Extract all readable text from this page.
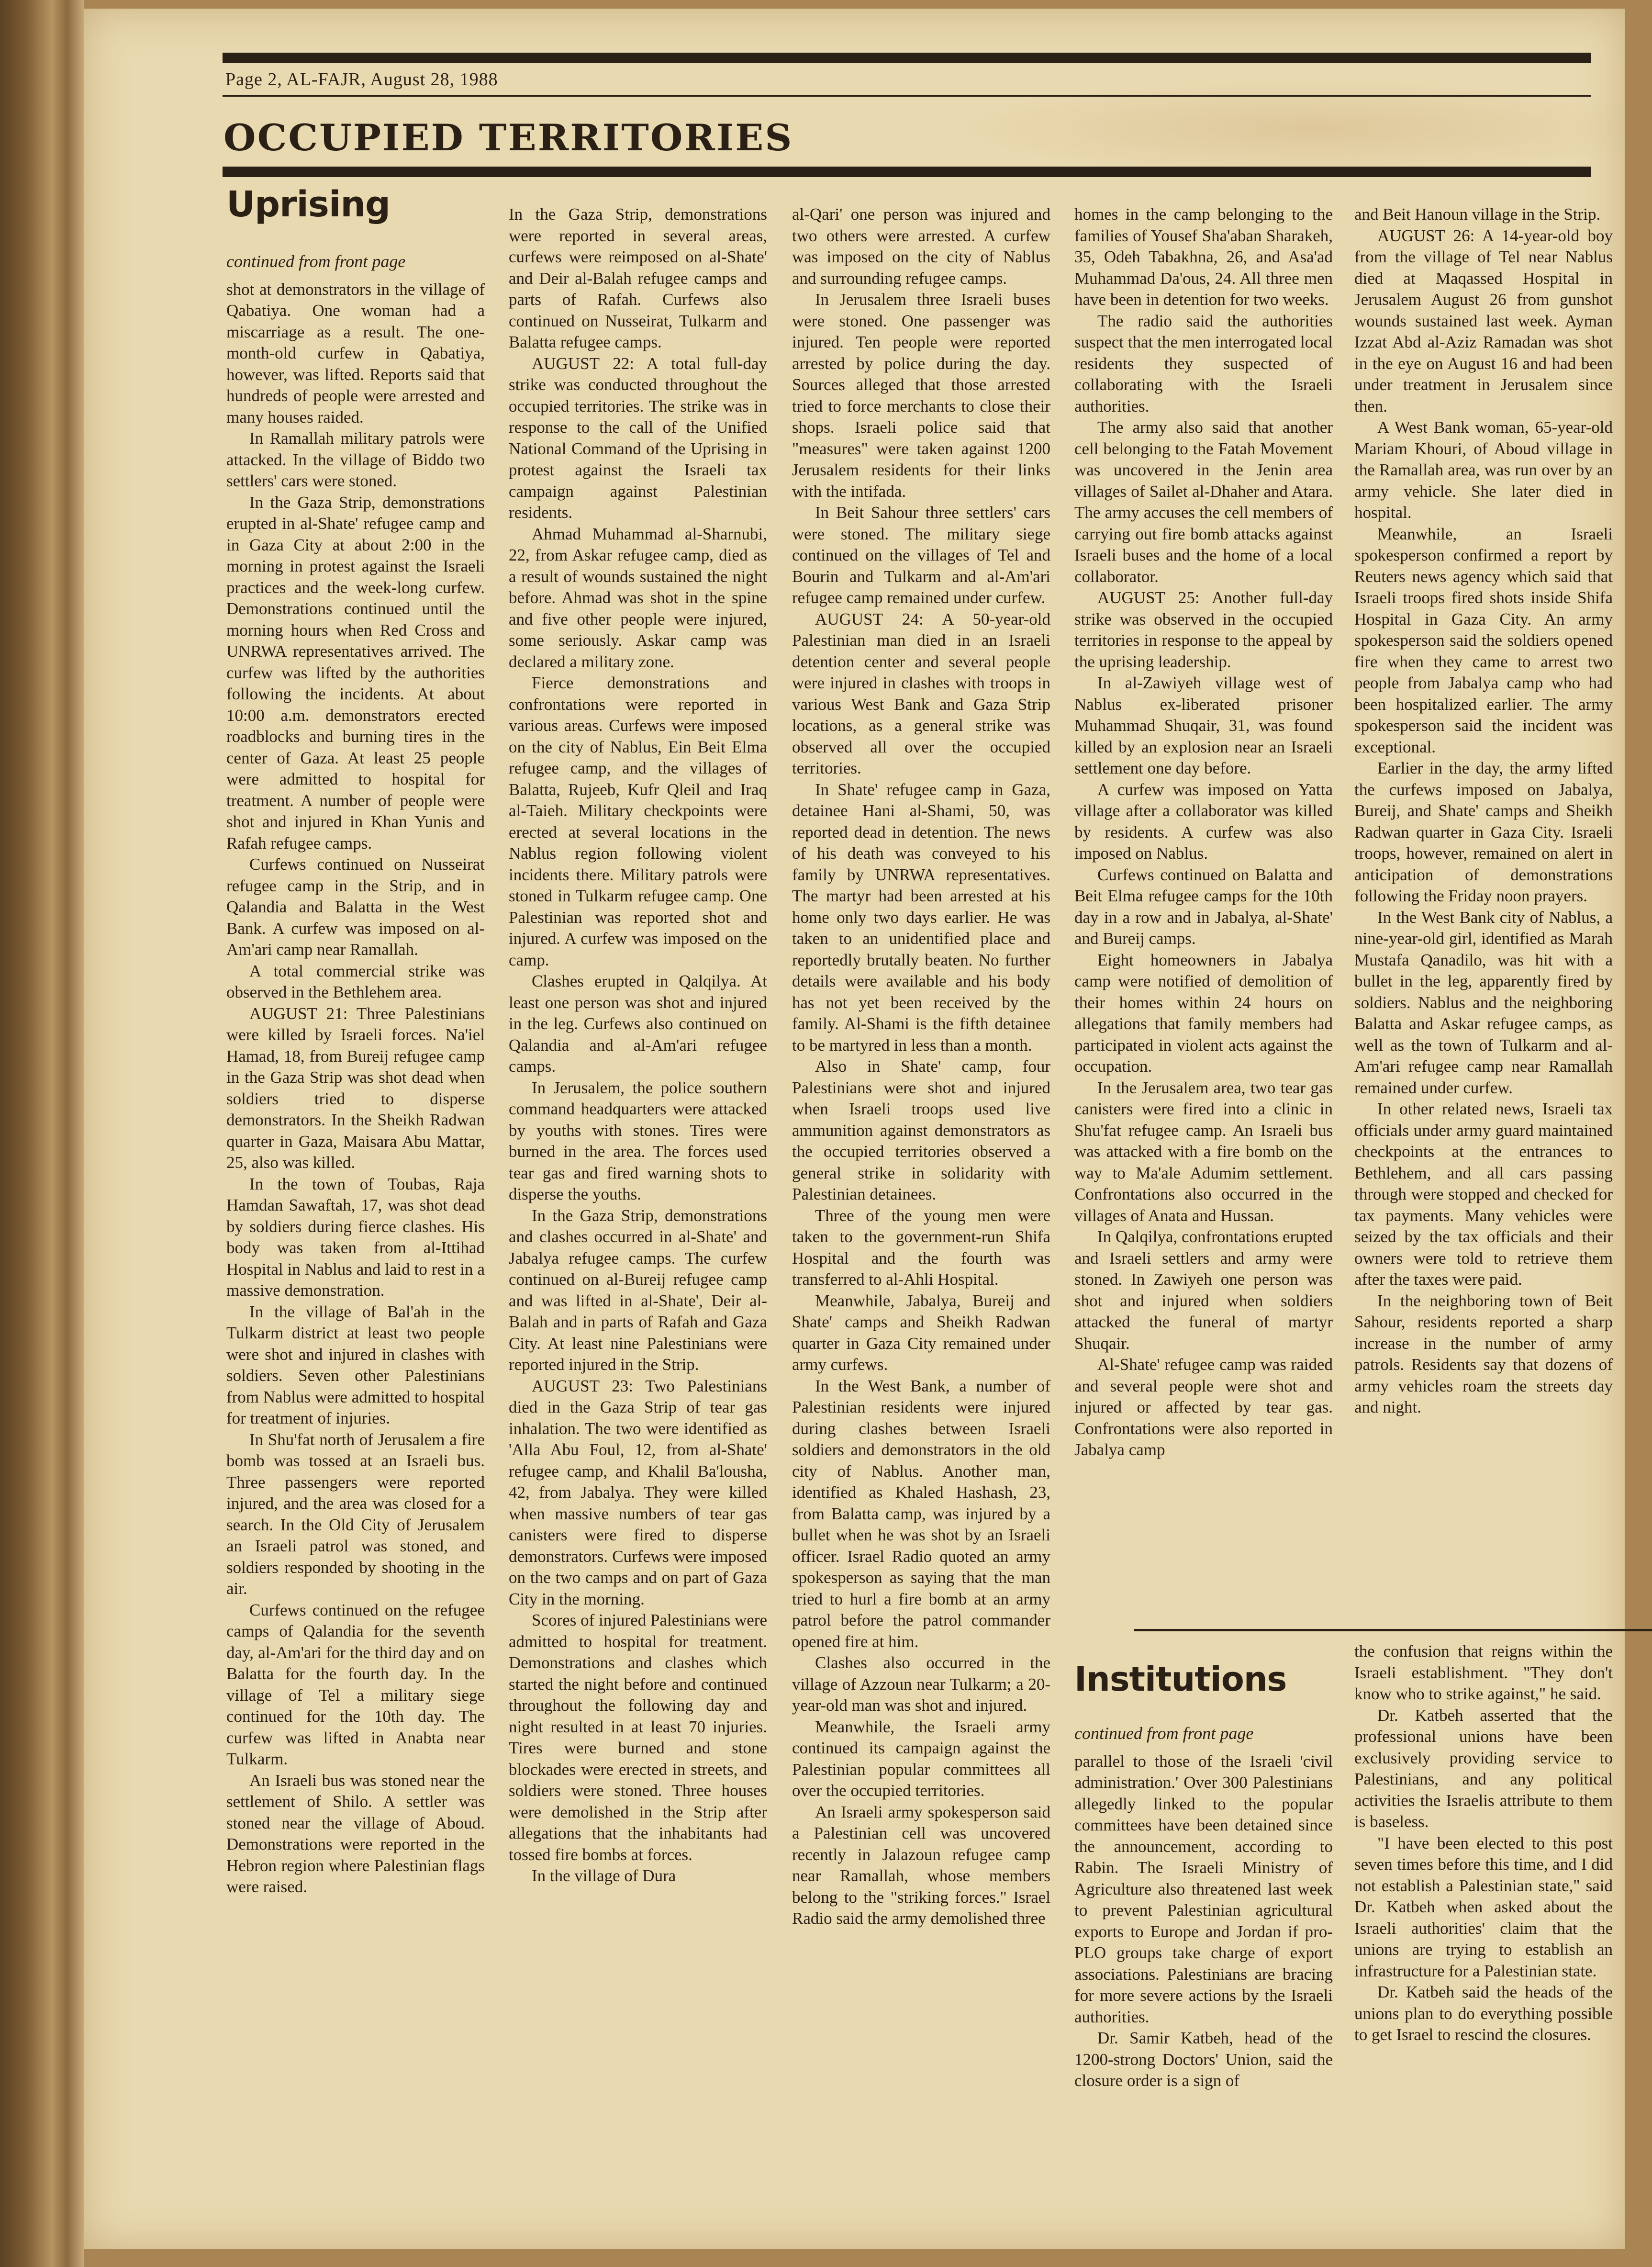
Page 2, AL-FAJR, August 28, 1988
OCCUPIED TERRITORIES
Uprising
continued from front page

shot at demonstrators in the village of Qabatiya. One woman had a miscarriage as a result. The one-month-old curfew in Qabatiya, however, was lifted. Reports said that hundreds of people were arrested and many houses raided.

In Ramallah military patrols were attacked. In the village of Biddo two settlers' cars were stoned.

In the Gaza Strip, demonstrations erupted in al-Shate' refugee camp and in Gaza City at about 2:00 in the morning in protest against the Israeli practices and the week-long curfew. Demonstrations continued until the morning hours when Red Cross and UNRWA representatives arrived. The curfew was lifted by the authorities following the incidents. At about 10:00 a.m. demonstrators erected roadblocks and burning tires in the center of Gaza. At least 25 people were admitted to hospital for treatment. A number of people were shot and injured in Khan Yunis and Rafah refugee camps.

Curfews continued on Nusseirat refugee camp in the Strip, and in Qalandia and Balatta in the West Bank. A curfew was imposed on al-Am'ari camp near Ramallah.

A total commercial strike was observed in the Bethlehem area.

AUGUST 21: Three Palestinians were killed by Israeli forces. Na'iel Hamad, 18, from Bureij refugee camp in the Gaza Strip was shot dead when soldiers tried to disperse demonstrators. In the Sheikh Radwan quarter in Gaza, Maisara Abu Mattar, 25, also was killed.

In the town of Toubas, Raja Hamdan Sawaftah, 17, was shot dead by soldiers during fierce clashes. His body was taken from al-Ittihad Hospital in Nablus and laid to rest in a massive demonstration.

In the village of Bal'ah in the Tulkarm district at least two people were shot and injured in clashes with soldiers. Seven other Palestinians from Nablus were admitted to hospital for treatment of injuries.

In Shu'fat north of Jerusalem a fire bomb was tossed at an Israeli bus. Three passengers were reported injured, and the area was closed for a search. In the Old City of Jerusalem an Israeli patrol was stoned, and soldiers responded by shooting in the air.

Curfews continued on the refugee camps of Qalandia for the seventh day, al-Am'ari for the third day and on Balatta for the fourth day. In the village of Tel a military siege continued for the 10th day. The curfew was lifted in Anabta near Tulkarm.

An Israeli bus was stoned near the settlement of Shilo. A settler was stoned near the village of Aboud. Demonstrations were reported in the Hebron region where Palestinian flags were raised.

In the Gaza Strip, demonstrations were reported in several areas, curfews were reimposed on al-Shate' and Deir al-Balah refugee camps and parts of Rafah. Curfews also continued on Nusseirat, Tulkarm and Balatta refugee camps.

AUGUST 22: A total full-day strike was conducted throughout the occupied territories. The strike was in response to the call of the Unified National Command of the Uprising in protest against the Israeli tax campaign against Palestinian residents.

Ahmad Muhammad al-Sharnubi, 22, from Askar refugee camp, died as a result of wounds sustained the night before. Ahmad was shot in the spine and five other people were injured, some seriously. Askar camp was declared a military zone.

Fierce demonstrations and confrontations were reported in various areas. Curfews were imposed on the city of Nablus, Ein Beit Elma refugee camp, and the villages of Balatta, Rujeeb, Kufr Qleil and Iraq al-Taieh. Military checkpoints were erected at several locations in the Nablus region following violent incidents there. Military patrols were stoned in Tulkarm refugee camp. One Palestinian was reported shot and injured. A curfew was imposed on the camp.

Clashes erupted in Qalqilya. At least one person was shot and injured in the leg. Curfews also continued on Qalandia and al-Am'ari refugee camps.

In Jerusalem, the police southern command headquarters were attacked by youths with stones. Tires were burned in the area. The forces used tear gas and fired warning shots to disperse the youths.

In the Gaza Strip, demonstrations and clashes occurred in al-Shate' and Jabalya refugee camps. The curfew continued on al-Bureij refugee camp and was lifted in al-Shate', Deir al-Balah and in parts of Rafah and Gaza City. At least nine Palestinians were reported injured in the Strip.

AUGUST 23: Two Palestinians died in the Gaza Strip of tear gas inhalation. The two were identified as 'Alla Abu Foul, 12, from al-Shate' refugee camp, and Khalil Ba'lousha, 42, from Jabalya. They were killed when massive numbers of tear gas canisters were fired to disperse demonstrators. Curfews were imposed on the two camps and on part of Gaza City in the morning.

Scores of injured Palestinians were admitted to hospital for treatment. Demonstrations and clashes which started the night before and continued throughout the following day and night resulted in at least 70 injuries. Tires were burned and stone blockades were erected in streets, and soldiers were stoned. Three houses were demolished in the Strip after allegations that the inhabitants had tossed fire bombs at forces.

In the village of Dura

al-Qari' one person was injured and two others were arrested. A curfew was imposed on the city of Nablus and surrounding refugee camps.

In Jerusalem three Israeli buses were stoned. One passenger was injured. Ten people were reported arrested by police during the day. Sources alleged that those arrested tried to force merchants to close their shops. Israeli police said that "measures" were taken against 1200 Jerusalem residents for their links with the intifada.

In Beit Sahour three settlers' cars were stoned. The military siege continued on the villages of Tel and Bourin and Tulkarm and al-Am'ari refugee camp remained under curfew.

AUGUST 24: A 50-year-old Palestinian man died in an Israeli detention center and several people were injured in clashes with troops in various West Bank and Gaza Strip locations, as a general strike was observed all over the occupied territories.

In Shate' refugee camp in Gaza, detainee Hani al-Shami, 50, was reported dead in detention. The news of his death was conveyed to his family by UNRWA representatives. The martyr had been arrested at his home only two days earlier. He was taken to an unidentified place and reportedly brutally beaten. No further details were available and his body has not yet been received by the family. Al-Shami is the fifth detainee to be martyred in less than a month.

Also in Shate' camp, four Palestinians were shot and injured when Israeli troops used live ammunition against demonstrators as the occupied territories observed a general strike in solidarity with Palestinian detainees.

Three of the young men were taken to the government-run Shifa Hospital and the fourth was transferred to al-Ahli Hospital.

Meanwhile, Jabalya, Bureij and Shate' camps and Sheikh Radwan quarter in Gaza City remained under army curfews.

In the West Bank, a number of Palestinian residents were injured during clashes between Israeli soldiers and demonstrators in the old city of Nablus. Another man, identified as Khaled Hashash, 23, from Balatta camp, was injured by a bullet when he was shot by an Israeli officer. Israel Radio quoted an army spokesperson as saying that the man tried to hurl a fire bomb at an army patrol before the patrol commander opened fire at him.

Clashes also occurred in the village of Azzoun near Tulkarm; a 20-year-old man was shot and injured.

Meanwhile, the Israeli army continued its campaign against the Palestinian popular committees all over the occupied territories.

An Israeli army spokesperson said a Palestinian cell was uncovered recently in Jalazoun refugee camp near Ramallah, whose members belong to the "striking forces." Israel Radio said the army demolished three

homes in the camp belonging to the families of Yousef Sha'aban Sharakeh, 35, Odeh Tabakhna, 26, and Asa'ad Muhammad Da'ous, 24. All three men have been in detention for two weeks.

The radio said the authorities suspect that the men interrogated local residents they suspected of collaborating with the Israeli authorities.

The army also said that another cell belonging to the Fatah Movement was uncovered in the Jenin area villages of Sailet al-Dhaher and Atara. The army accuses the cell members of carrying out fire bomb attacks against Israeli buses and the home of a local collaborator.

AUGUST 25: Another full-day strike was observed in the occupied territories in response to the appeal by the uprising leadership.

In al-Zawiyeh village west of Nablus ex-liberated prisoner Muhammad Shuqair, 31, was found killed by an explosion near an Israeli settlement one day before.

A curfew was imposed on Yatta village after a collaborator was killed by residents. A curfew was also imposed on Nablus.

Curfews continued on Balatta and Beit Elma refugee camps for the 10th day in a row and in Jabalya, al-Shate' and Bureij camps.

Eight homeowners in Jabalya camp were notified of demolition of their homes within 24 hours on allegations that family members had participated in violent acts against the occupation.

In the Jerusalem area, two tear gas canisters were fired into a clinic in Shu'fat refugee camp. An Israeli bus was attacked with a fire bomb on the way to Ma'ale Adumim settlement. Confrontations also occurred in the villages of Anata and Hussan.

In Qalqilya, confrontations erupted and Israeli settlers and army were stoned. In Zawiyeh one person was shot and injured when soldiers attacked the funeral of martyr Shuqair.

Al-Shate' refugee camp was raided and several people were shot and injured or affected by tear gas. Confrontations were also reported in Jabalya camp

and Beit Hanoun village in the Strip.

AUGUST 26: A 14-year-old boy from the village of Tel near Nablus died at Maqassed Hospital in Jerusalem August 26 from gunshot wounds sustained last week. Ayman Izzat Abd al-Aziz Ramadan was shot in the eye on August 16 and had been under treatment in Jerusalem since then.

A West Bank woman, 65-year-old Mariam Khouri, of Aboud village in the Ramallah area, was run over by an army vehicle. She later died in hospital.

Meanwhile, an Israeli spokesperson confirmed a report by Reuters news agency which said that Israeli troops fired shots inside Shifa Hospital in Gaza City. An army spokesperson said the soldiers opened fire when they came to arrest two people from Jabalya camp who had been hospitalized earlier. The army spokesperson said the incident was exceptional.

Earlier in the day, the army lifted the curfews imposed on Jabalya, Bureij, and Shate' camps and Sheikh Radwan quarter in Gaza City. Israeli troops, however, remained on alert in anticipation of demonstrations following the Friday noon prayers.

In the West Bank city of Nablus, a nine-year-old girl, identified as Marah Mustafa Qanadilo, was hit with a bullet in the leg, apparently fired by soldiers. Nablus and the neighboring Balatta and Askar refugee camps, as well as the town of Tulkarm and al-Am'ari refugee camp near Ramallah remained under curfew.

In other related news, Israeli tax officials under army guard maintained checkpoints at the entrances to Bethlehem, and all cars passing through were stopped and checked for tax payments. Many vehicles were seized by the tax officials and their owners were told to retrieve them after the taxes were paid.

In the neighboring town of Beit Sahour, residents reported a sharp increase in the number of army patrols. Residents say that dozens of army vehicles roam the streets day and night.

Institutions
continued from front page

parallel to those of the Israeli 'civil administration.' Over 300 Palestinians allegedly linked to the popular committees have been detained since the announcement, according to Rabin. The Israeli Ministry of Agriculture also threatened last week to prevent Palestinian agricultural exports to Europe and Jordan if pro-PLO groups take charge of export associations. Palestinians are bracing for more severe actions by the Israeli authorities.

Dr. Samir Katbeh, head of the 1200-strong Doctors' Union, said the closure order is a sign of

the confusion that reigns within the Israeli establishment. "They don't know who to strike against," he said.

Dr. Katbeh asserted that the professional unions have been exclusively providing service to Palestinians, and any political activities the Israelis attribute to them is baseless.

"I have been elected to this post seven times before this time, and I did not establish a Palestinian state," said Dr. Katbeh when asked about the Israeli authorities' claim that the unions are trying to establish an infrastructure for a Palestinian state.

Dr. Katbeh said the heads of the unions plan to do everything possible to get Israel to rescind the closures.
